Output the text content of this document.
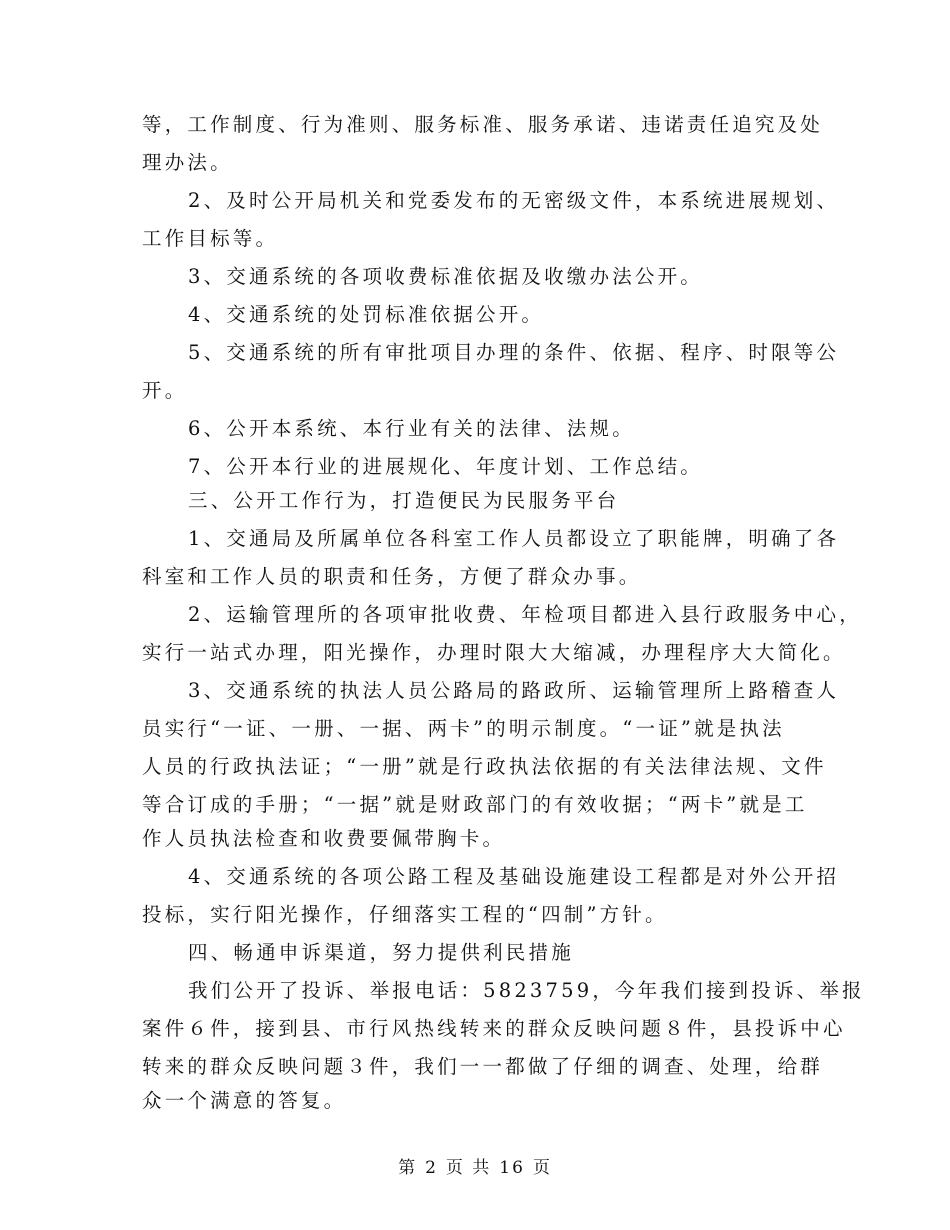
等，工作制度、行为准则、服务标准、服务承诺、违诺责任追究及处
理办法。
2、及时公开局机关和党委发布的无密级文件，本系统进展规划、
工作目标等。
3、交通系统的各项收费标准依据及收缴办法公开。
4、交通系统的处罚标准依据公开。
5、交通系统的所有审批项目办理的条件、依据、程序、时限等公
开。
6、公开本系统、本行业有关的法律、法规。
7、公开本行业的进展规化、年度计划、工作总结。
三、公开工作行为，打造便民为民服务平台
1、交通局及所属单位各科室工作人员都设立了职能牌，明确了各
科室和工作人员的职责和任务，方便了群众办事。
2、运输管理所的各项审批收费、年检项目都进入县行政服务中心，
实行一站式办理，阳光操作，办理时限大大缩减，办理程序大大简化。
3、交通系统的执法人员公路局的路政所、运输管理所上路稽查人
员实行“一证、一册、一据、两卡”的明示制度。“一证”就是执法
人员的行政执法证；“一册”就是行政执法依据的有关法律法规、文件
等合订成的手册；“一据”就是财政部门的有效收据；“两卡”就是工
作人员执法检查和收费要佩带胸卡。
4、交通系统的各项公路工程及基础设施建设工程都是对外公开招
投标，实行阳光操作，仔细落实工程的“四制”方针。
四、畅通申诉渠道，努力提供利民措施
我们公开了投诉、举报电话：5823759，今年我们接到投诉、举报
案件６件，接到县、市行风热线转来的群众反映问题８件，县投诉中心
转来的群众反映问题３件，我们一一都做了仔细的调查、处理，给群
众一个满意的答复。
第 2 页 共 16 页
